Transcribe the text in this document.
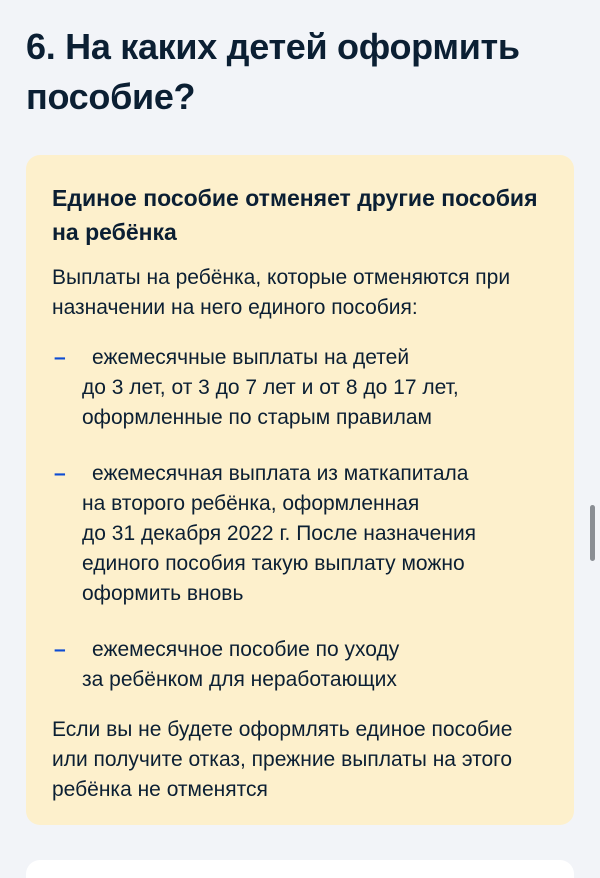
6. На каких детей оформить пособие?
Единое пособие отменяет другие пособия на ребёнка

Выплаты на ребёнка, которые отменяются при назначении на него единого пособия:

–	ежемесячные выплаты на детей
до 3 лет, от 3 до 7 лет и от 8 до 17 лет,
оформленные по старым правилам
–	ежемесячная выплата из маткапитала
на второго ребёнка, оформленная
до 31 декабря 2022 г. После назначения
единого пособия такую выплату можно
оформить вновь
–	ежемесячное пособие по уходу
за ребёнком для неработающих

Если вы не будете оформлять единое пособие или получите отказ, прежние выплаты на этого ребёнка не отменятся
